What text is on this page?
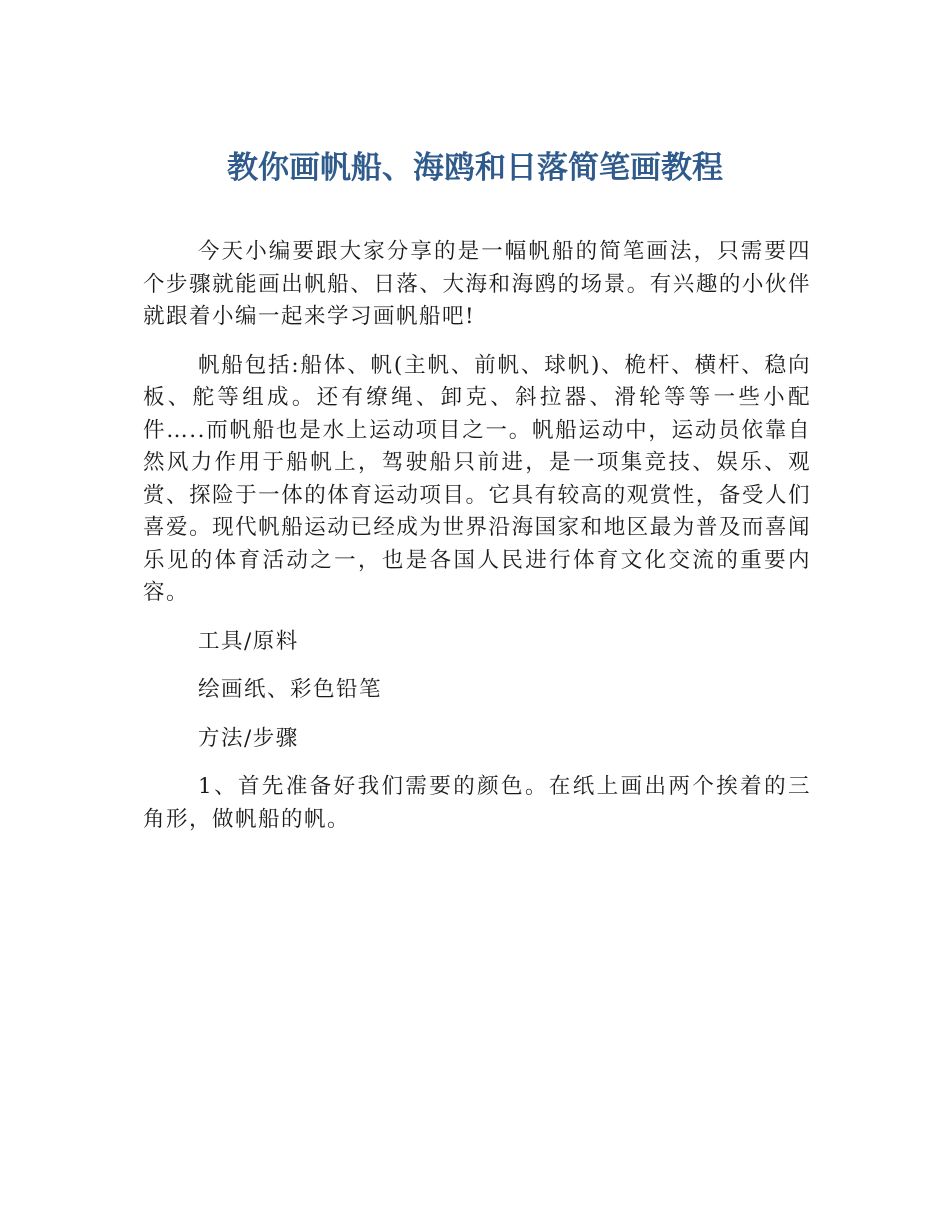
教你画帆船、海鸥和日落简笔画教程

今天小编要跟大家分享的是一幅帆船的简笔画法，只需要四个步骤就能画出帆船、日落、大海和海鸥的场景。有兴趣的小伙伴就跟着小编一起来学习画帆船吧!

帆船包括:船体、帆(主帆、前帆、球帆)、桅杆、横杆、稳向板、舵等组成。还有缭绳、卸克、斜拉器、滑轮等等一些小配件…..而帆船也是水上运动项目之一。帆船运动中，运动员依靠自然风力作用于船帆上，驾驶船只前进，是一项集竞技、娱乐、观赏、探险于一体的体育运动项目。它具有较高的观赏性，备受人们喜爱。现代帆船运动已经成为世界沿海国家和地区最为普及而喜闻乐见的体育活动之一，也是各国人民进行体育文化交流的重要内容。

工具/原料

绘画纸、彩色铅笔

方法/步骤

1、首先准备好我们需要的颜色。在纸上画出两个挨着的三角形，做帆船的帆。
